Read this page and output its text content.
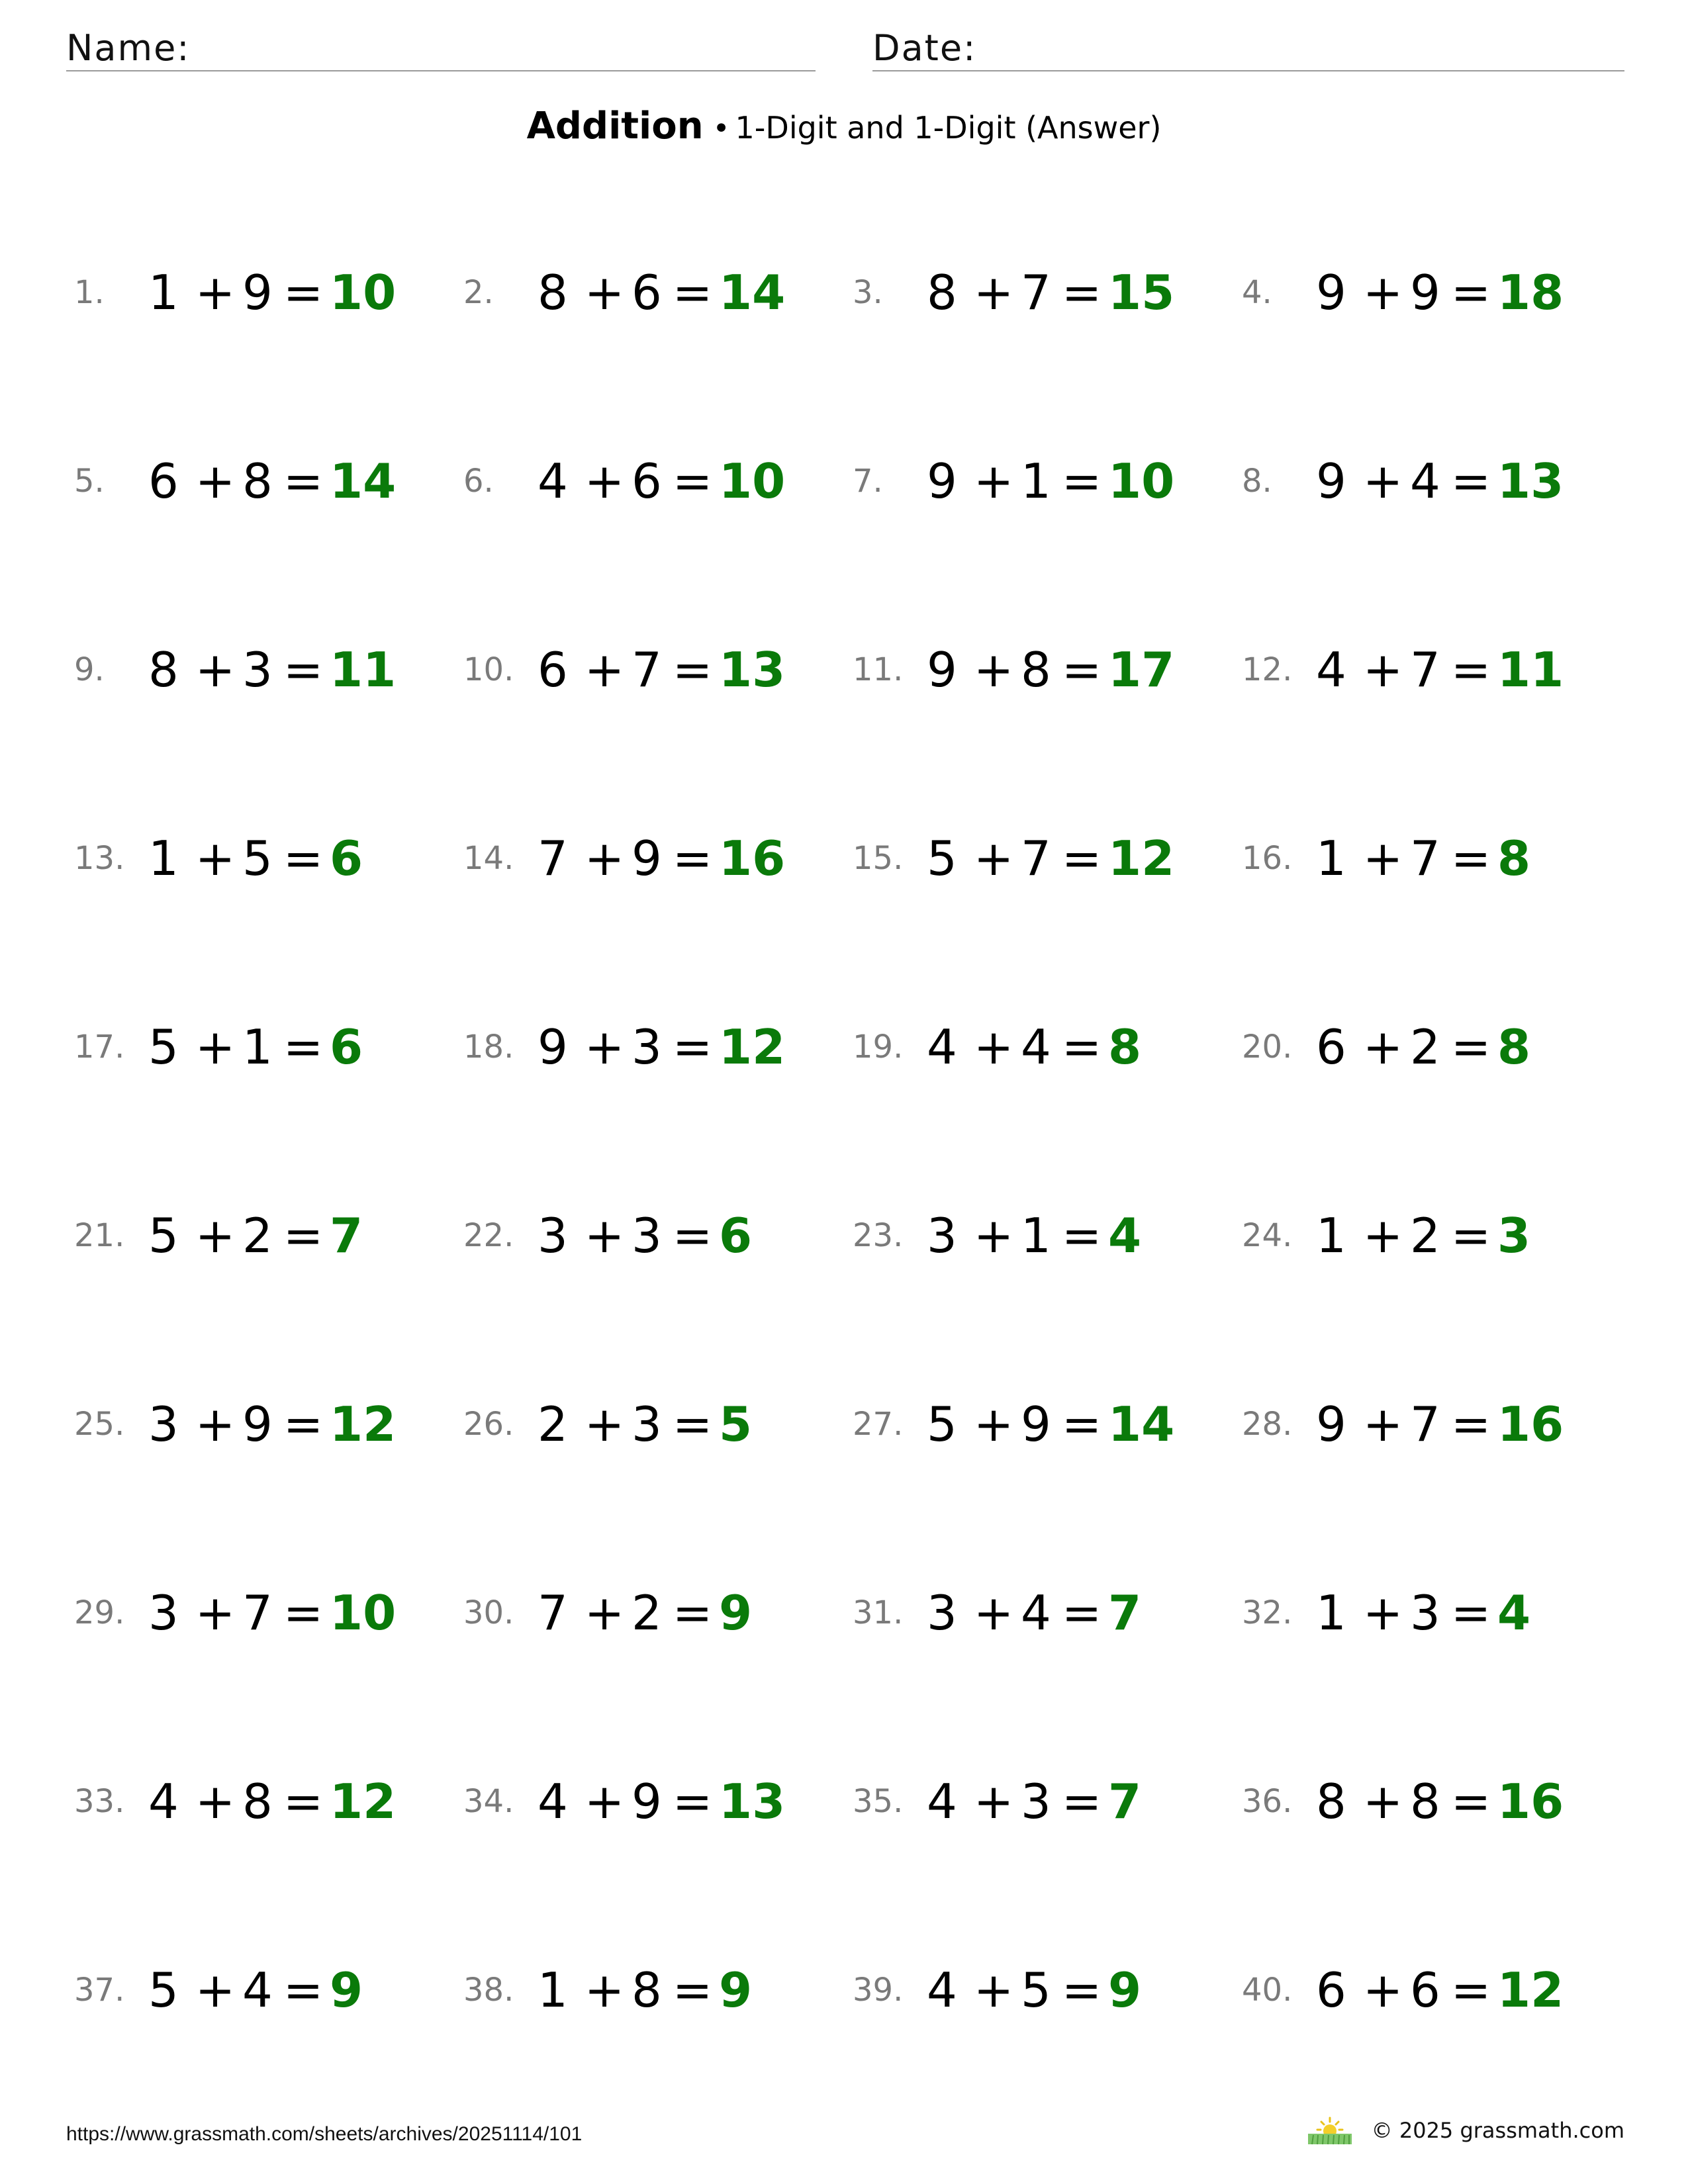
Name:	Date:
Addition • 1-Digit and 1-Digit (Answer)
1. 1 + 9 = 10 2. 8 + 6 = 14 3. 8 + 7 = 15 4. 9 + 9 = 18
5. 6 + 8 = 14 6. 4 + 6 = 10 7. 9 + 1 = 10 8. 9 + 4 = 13
9. 8 + 3 = 11 10. 6 + 7 = 13 11. 9 + 8 = 17 12. 4 + 7 = 11
13. 1 + 5 = 6	14. 7 + 9 = 16 15. 5 + 7 = 12 16. 1 + 7 = 8
17. 5 + 1 = 6	18. 9 + 3 = 12 19. 4 + 4 = 8	20. 6 + 2 = 8
21. 5 + 2 = 7	22. 3 + 3 = 6	23. 3 + 1 = 4	24. 1 + 2 = 3
25. 3 + 9 = 12 26. 2 + 3 = 5	27. 5 + 9 = 14 28. 9 + 7 = 16
29. 3 + 7 = 10 30. 7 + 2 = 9	31. 3 + 4 = 7	32. 1 + 3 = 4
33. 4 + 8 = 12 34. 4 + 9 = 13 35. 4 + 3 = 7	36. 8 + 8 = 16
37. 5 + 4 = 9	38. 1 + 8 = 9	39. 4 + 5 = 9	40. 6 + 6 = 12
https://www.grassmath.com/sheets/archives/20251114/101	© 2025 grassmath.com
